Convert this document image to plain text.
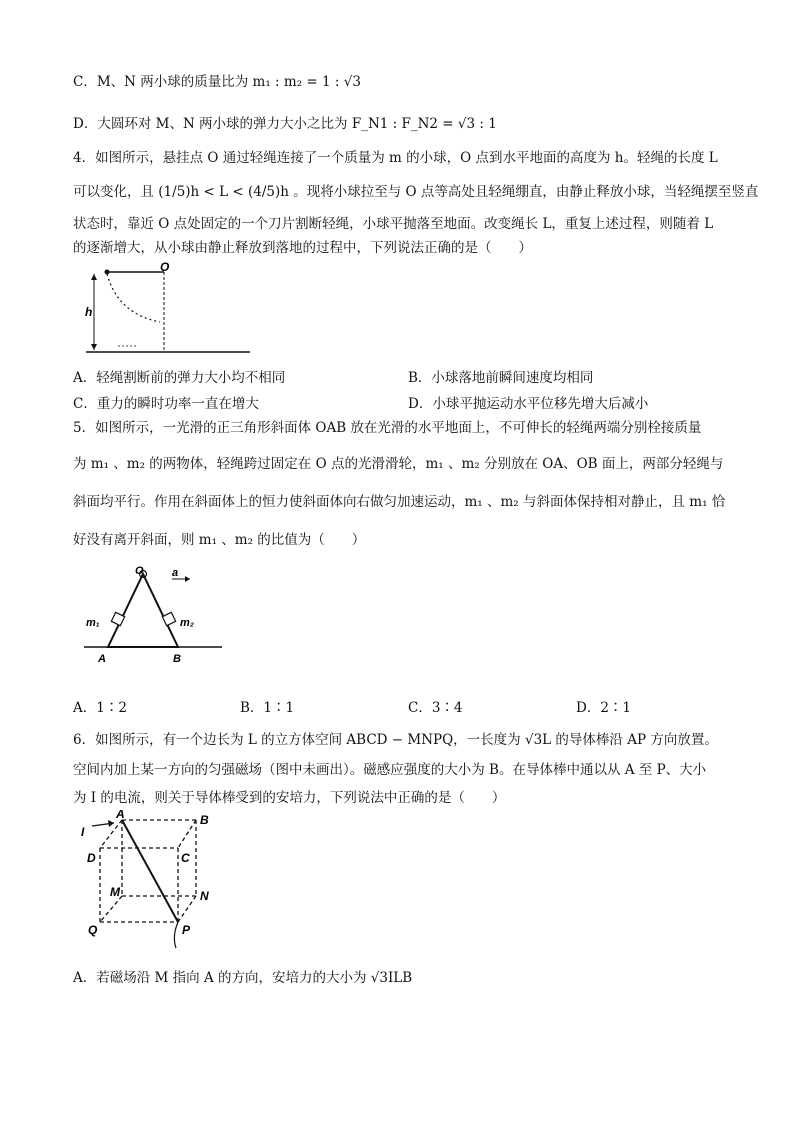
C．M、N 两小球的质量比为 m₁ : m₂ = 1 : √3
D．大圆环对 M、N 两小球的弹力大小之比为 F_N1 : F_N2 = √3 : 1
4．如图所示，悬挂点 O 通过轻绳连接了一个质量为 m 的小球，O 点到水平地面的高度为 h。轻绳的长度 L
可以变化，且 (1/5)h < L < (4/5)h 。现将小球拉至与 O 点等高处且轻绳绷直，由静止释放小球，当轻绳摆至竖直
状态时，靠近 O 点处固定的一个刀片割断轻绳，小球平抛落至地面。改变绳长 L，重复上述过程，则随着 L
的逐渐增大，从小球由静止释放到落地的过程中，下列说法正确的是（　　）
h
O
A．轻绳割断前的弹力大小均不相同	B．小球落地前瞬间速度均相同
C．重力的瞬时功率一直在增大	D．小球平抛运动水平位移先增大后减小
5．如图所示，一光滑的正三角形斜面体 OAB 放在光滑的水平地面上，不可伸长的轻绳两端分别栓接质量
为 m₁ 、m₂ 的两物体，轻绳跨过固定在 O 点的光滑滑轮，m₁ 、m₂ 分别放在 OA、OB 面上，两部分轻绳与
斜面均平行。作用在斜面体上的恒力使斜面体向右做匀加速运动，m₁ 、m₂ 与斜面体保持相对静止，且 m₁ 恰
好没有离开斜面，则 m₁ 、m₂ 的比值为（　　）
O	a
m₁	m₂
A	B
A．1∶2	B．1∶1	C．3∶4	D．2∶1
6．如图所示，有一个边长为 L 的立方体空间 ABCD − MNPQ，一长度为 √3L 的导体棒沿 AP 方向放置。
空间内加上某一方向的匀强磁场（图中未画出）。磁感应强度的大小为 B。在导体棒中通以从 A 至 P、大小
为 I 的电流，则关于导体棒受到的安培力，下列说法中正确的是（　　）
I
A	B
D	C
M	N
Q	P
A．若磁场沿 M 指向 A 的方向，安培力的大小为 √3ILB
